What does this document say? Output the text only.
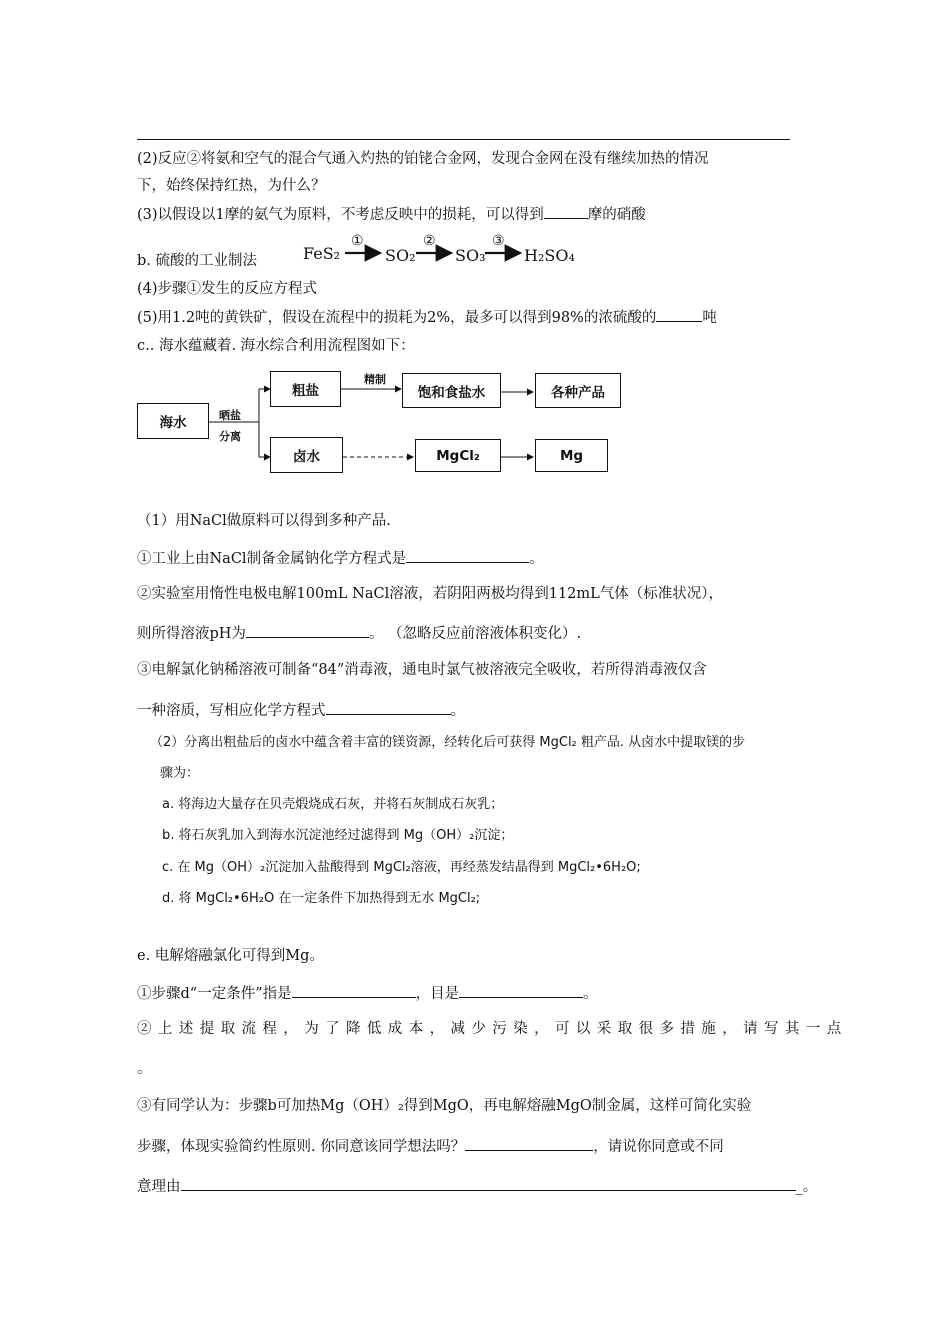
(2)反应②将氨和空气的混合气通入灼热的铂铑合金网，发现合金网在没有继续加热的情况
下，始终保持红热，为什么？
(3)以假设以1摩的氨气为原料，不考虑反映中的损耗，可以得到	摩的硝酸
b. 硫酸的工业制法	FeS₂
①
SO₂
②
SO₃
③
H₂SO₄
(4)步骤①发生的反应方程式
(5)用1.2吨的黄铁矿，假设在流程中的损耗为2%，最多可以得到98%的浓硫酸的	吨
c.. 海水蕴藏着. 海水综合利用流程图如下：
海水
粗盐	饱和食盐水	各种产品
卤水	MgCl₂	Mg
精制
晒盐
分离
（1）用NaCl做原料可以得到多种产品.
①工业上由NaCl制备金属钠化学方程式是	。
②实验室用惰性电极电解100mL NaCl溶液，若阴阳两极均得到112mL气体（标准状况），
则所得溶液pH为	。 （忽略反应前溶液体积变化）.
③电解氯化钠稀溶液可制备“84”消毒液，通电时氯气被溶液完全吸收，若所得消毒液仅含
一种溶质，写相应化学方程式	。
（2）分离出粗盐后的卤水中蕴含着丰富的镁资源，经转化后可获得 MgCl₂ 粗产品. 从卤水中提取镁的步
骤为：
a. 将海边大量存在贝壳煅烧成石灰，并将石灰制成石灰乳；
b. 将石灰乳加入到海水沉淀池经过滤得到 Mg（OH）₂沉淀；
c. 在 Mg（OH）₂沉淀加入盐酸得到 MgCl₂溶液，再经蒸发结晶得到 MgCl₂•6H₂O;
d. 将 MgCl₂•6H₂O 在一定条件下加热得到无水 MgCl₂;
e. 电解熔融氯化可得到Mg。
①步骤d“一定条件”指是	，目是	。
②上述提取流程，为了降低成本，减少污染，可以采取很多措施，请写其一点
。
③有同学认为：步骤b可加热Mg（OH）₂得到MgO，再电解熔融MgO制金属，这样可简化实验
步骤，体现实验简约性原则. 你同意该同学想法吗？	，请说你同意或不同
意理由	_。
